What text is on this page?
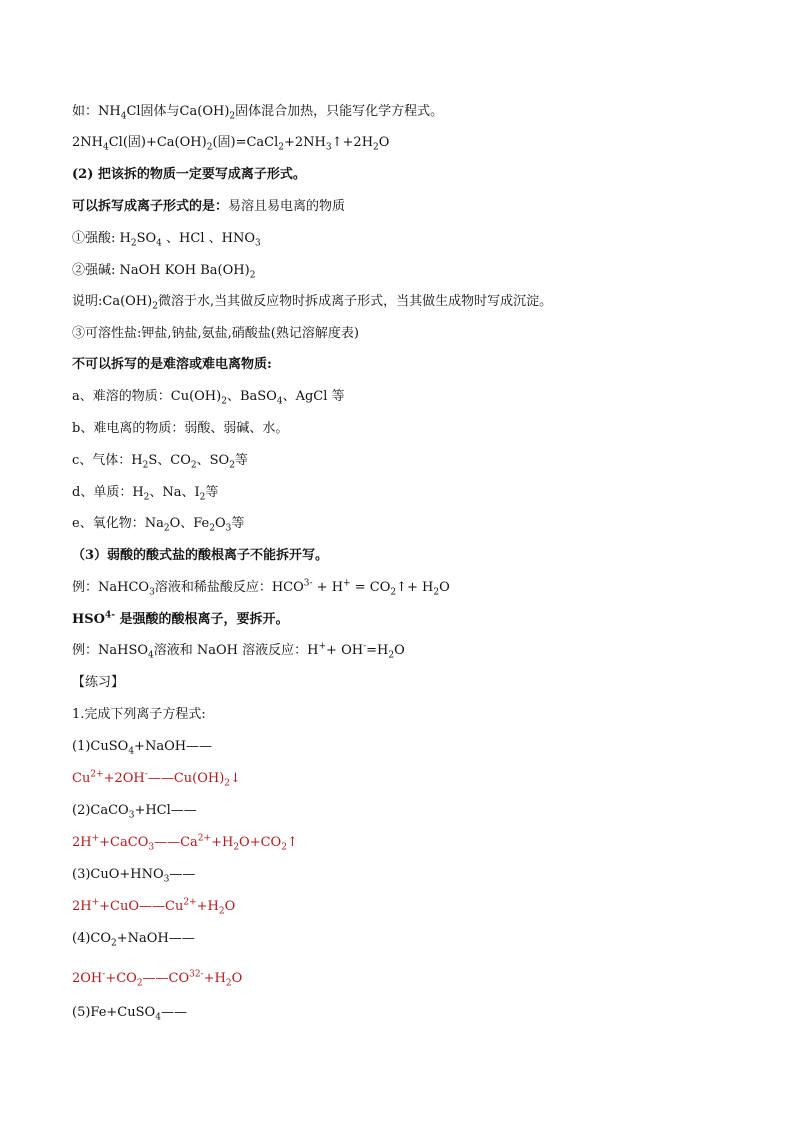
如：$NH_4Cl$固体与$Ca(OH)_2$固体混合加热，只能写化学方程式。
$2NH_4Cl$(固)$+Ca(OH)_2$(固)$=CaCl_2+2NH_3↑+2H_2O$
(2) 把该拆的物质一定要写成离子形式。
可以拆写成离子形式的是：易溶且易电离的物质
①强酸: $H_2SO_4$ 、HCl 、$HNO_3$
②强碱: NaOH KOH $Ba(OH)_2$
说明$:Ca(OH)_2$微溶于水,当其做反应物时拆成离子形式，当其做生成物时写成沉淀。
③可溶性盐:钾盐,钠盐,氨盐,硝酸盐(熟记溶解度表)
不可以拆写的是难溶或难电离物质:
a、难溶的物质：$Cu(OH)_2$、BaSO$_4$、AgCl 等
b、难电离的物质：弱酸、弱碱、水。
c、气体：$H_2S$、$CO_2$、$SO_2$等
d、单质：$H_2$、Na、$I_2$等
e、氧化物：$Na_2O$、$Fe_2O_3$等
（3）弱酸的酸式盐的酸根离子不能拆开写。
例：NaHCO$_3$溶液和稀盐酸反应：$HCO^{3-} + H^+$ = $CO_2↑+ H_2O$
$HSO^{4-}$ 是强酸的酸根离子，要拆开。
例：NaHSO$_4$溶液和 NaOH 溶液反应：$H^++ OH^-=H_2O$
【练习】
1.完成下列离子方程式:
(1)CuSO$_4$+NaOH——
$Cu^{2+}+2OH^-——Cu(OH)_2↓$
(2)CaCO$_3$+HCl——
$2H^++CaCO_3——Ca^{2+}+H_2O+CO_2↑$
$(3)CuO+HNO_3——$
$2H^++CuO——Cu^{2+}+H_2O$
$(4)CO_2+NaOH——$
$2OH^-+CO_2——CO^{32-}+H_2O$
(5)Fe+CuSO$_4$——
